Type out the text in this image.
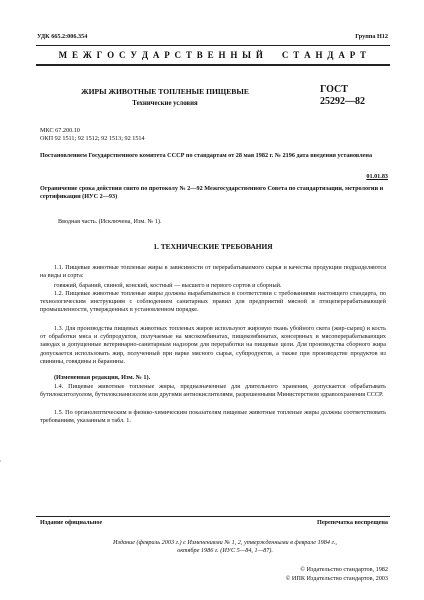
УДК 665.2:006.354	Группа Н12
М Е Ж Г О С У Д А Р С Т В Е Н Н Ы Й     С Т А Н Д А Р Т
ЖИРЫ ЖИВОТНЫЕ ТОПЛЕНЫЕ ПИЩЕВЫЕ
Технические условия
ГОСТ
25292—82
МКС 67.200.10
ОКП 92 1511; 92 1512; 92 1513; 92 1514
Постановлением Государственного комитета СССР по стандартам от 28 мая 1982 г. № 2196 дата введения установлена
01.01.83
Ограничение срока действия снято по протоколу № 2—92 Межгосударственного Совета по стандартизации, метрологии и сертификации (ИУС 2—93)
Вводная часть. (Исключена, Изм. № 1).
1. ТЕХНИЧЕСКИЕ ТРЕБОВАНИЯ
1.1. Пищевые животные топленые жиры в зависимости от перерабатываемого сырья и качества продукции подразделяются на виды и сорта:
говяжий, бараний, свиной, конский, костный — высшего и первого сортов и сборный.
1.2. Пищевые животные топленые жиры должны вырабатываться в соответствии с требованиями настоящего стандарта, по технологическим инструкциям с соблюдением санитарных правил для предприятий мясной и птицеперерабатывающей промышленности, утвержденных в установленном порядке.
1.3. Для производства пищевых животных топленых жиров используют жировую ткань убойного скота (жир-сырец) и кость от обработки мяса и субпродуктов, получаемые на мясокомбинатах, пищекомбинатах, консервных и мясоперерабатывающих заводах и допущенные ветеринарно-санитарным надзором для переработки на пищевые цели. Для производства сборного жира допускается использовать жир, полученный при варке мясного сырья, субпродуктов, а также при производстве продуктов из свинины, говядины и баранины.
(Измененная редакция, Изм. № 1).
1.4. Пищевые животные топленые жиры, предназначенные для длительного хранения, допускается обрабатывать бутилокситолуолом, бутилоксианизолом или другими антиокислителями, разрешенными Министерством здравоохранения СССР.
1.5. По органолептическим и физико-химическим показателям пищевые животные топленые жиры должны соответствовать требованиям, указанным в табл. 1.
Издание официальное	Перепечатка воспрещена
Издание (февраль 2003 г.) с Изменениями № 1, 2, утвержденными в феврале 1984 г., октябре 1986 г. (ИУС 5—84, 1—87).
© Издательство стандартов, 1982
© ИПК Издательство стандартов, 2003
